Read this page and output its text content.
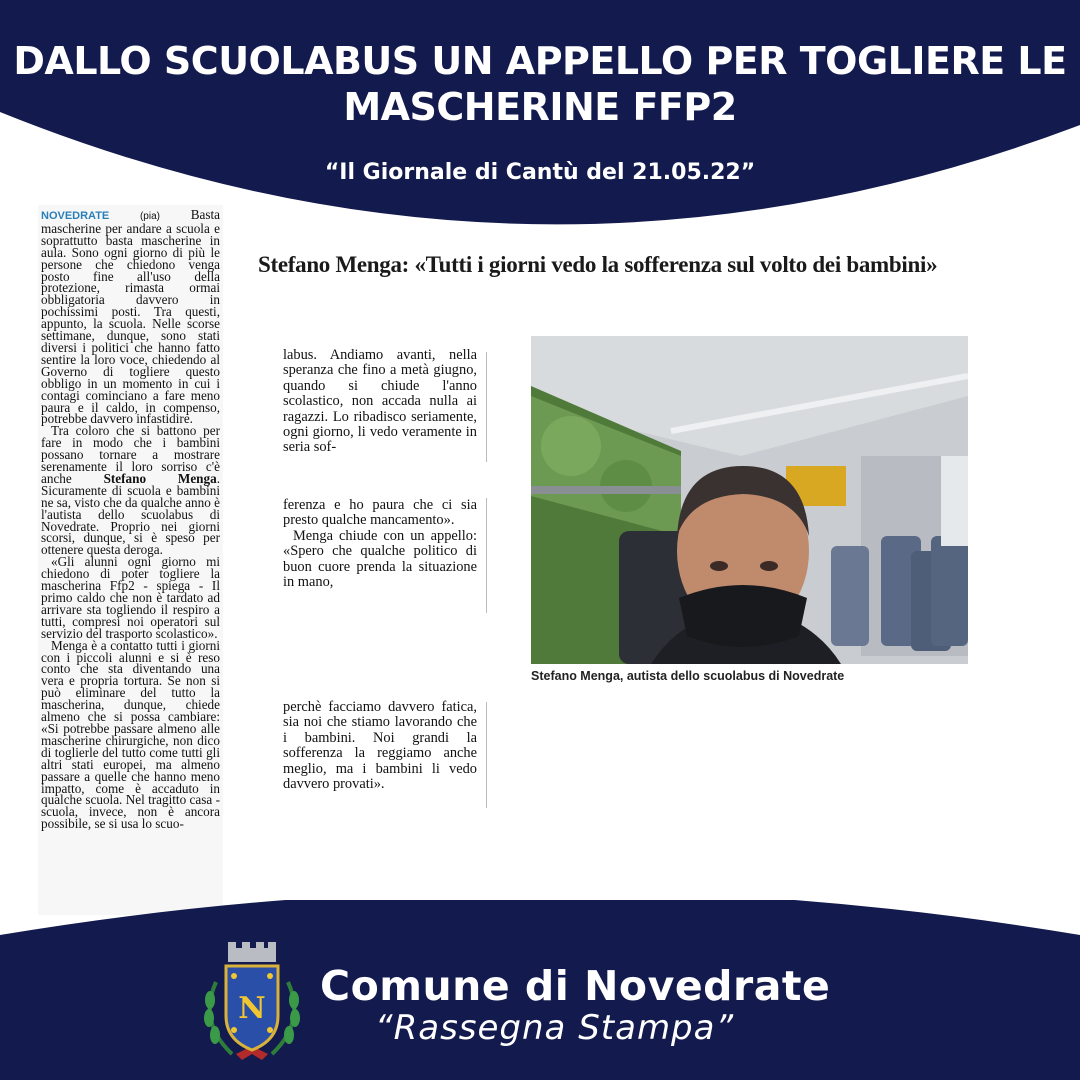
DALLO SCUOLABUS UN APPELLO PER TOGLIERE LE MASCHERINE FFP2

“Il Giornale di Cantù del 21.05.22”

NOVEDRATE	(pia) Basta mascherine per andare a scuola e soprattutto basta mascherine in aula. Sono ogni giorno di più le persone che chiedono venga posto fine all'uso della protezione, rimasta ormai obbligatoria davvero in pochissimi posti. Tra questi, appunto, la scuola. Nelle scorse settimane, dunque, sono stati diversi i politici che hanno fatto sentire la loro voce, chiedendo al Governo di togliere questo obbligo in un momento in cui i contagi cominciano a fare meno paura e il caldo, in compenso, potrebbe davvero infastidire.

Tra coloro che si battono per fare in modo che i bambini possano tornare a mostrare serenamente il loro sorriso c'è anche Stefano Menga. Sicuramente di scuola e bambini ne sa, visto che da qualche anno è l'autista dello scuolabus di Novedrate. Proprio nei giorni scorsi, dunque, si è speso per ottenere questa deroga.

«Gli alunni ogni giorno mi chiedono di poter togliere la mascherina Ffp2 - spiega - Il primo caldo che non è tardato ad arrivare sta togliendo il respiro a tutti, compresi noi operatori sul servizio del trasporto scolastico».

Menga è a contatto tutti i giorni con i piccoli alunni e si è reso conto che sta diventando una vera e propria tortura. Se non si può eliminare del tutto la mascherina, dunque, chiede almeno che si possa cambiare: «Si potrebbe passare almeno alle mascherine chirurgiche, non dico di toglierle del tutto come tutti gli altri stati europei, ma almeno passare a quelle che hanno meno impatto, come è accaduto in qualche scuola. Nel tragitto casa - scuola, invece, non è ancora possibile, se si usa lo scuo-

Stefano Menga: «Tutti i giorni vedo la sofferenza sul volto dei bambini»

labus. Andiamo avanti, nella speranza che fino a metà giugno, quando si chiude l'anno scolastico, non accada nulla ai ragazzi. Lo ribadisco seriamente, ogni giorno, li vedo veramente in seria sof-

ferenza e ho paura che ci sia presto qualche mancamento».

Menga chiude con un appello: «Spero che qualche politico di buon cuore prenda la situazione in mano,

perchè facciamo davvero fatica, sia noi che stiamo lavorando che i bambini. Noi grandi la sofferenza la reggiamo anche meglio, ma i bambini li vedo davvero provati».

Stefano Menga, autista dello scuolabus di Novedrate

N Comune di Novedrate

“Rassegna Stampa”
